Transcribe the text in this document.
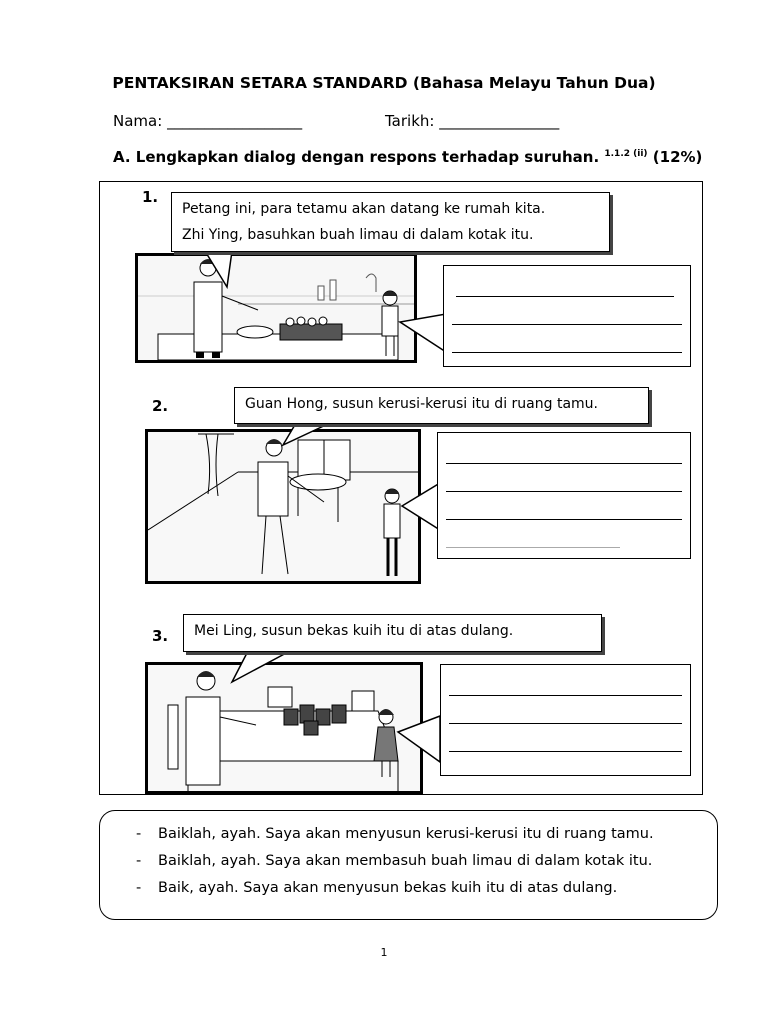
PENTAKSIRAN SETARA STANDARD (Bahasa Melayu Tahun Dua)
Nama: __________________	Tarikh: ________________
A. Lengkapkan dialog dengan respons terhadap suruhan. $^{1.1.2 (ii)}$ (12%)
1.
Petang ini, para tetamu akan datang ke rumah kita.
Zhi Ying, basuhkan buah limau di dalam kotak itu.
2.	Guan Hong, susun kerusi-kerusi itu di ruang tamu.
3. Mei Ling, susun bekas kuih itu di atas dulang.
-	Baiklah, ayah. Saya akan menyusun kerusi-kerusi itu di ruang tamu.
-	Baiklah, ayah. Saya akan membasuh buah limau di dalam kotak itu.
-	Baik, ayah. Saya akan menyusun bekas kuih itu di atas dulang.
1
